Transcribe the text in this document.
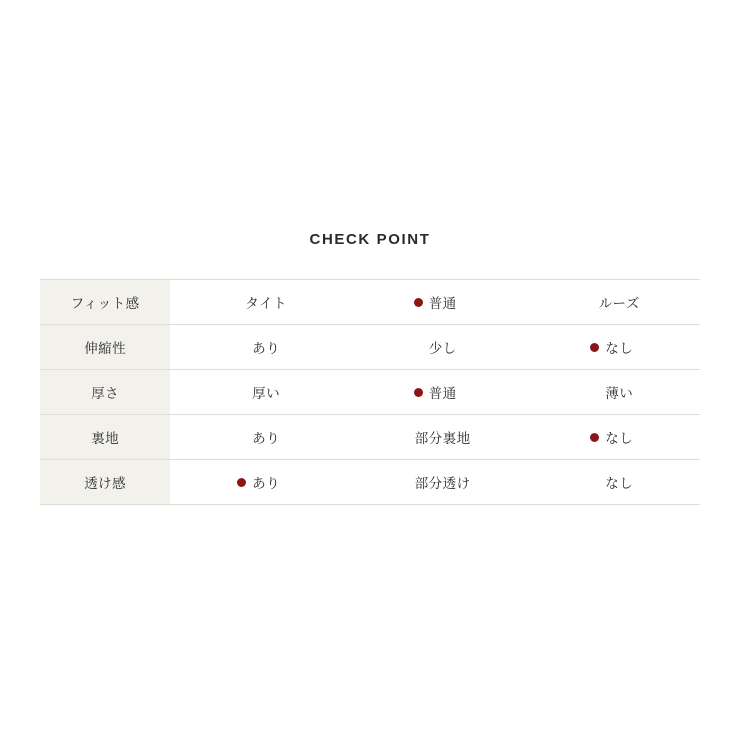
CHECK POINT
フィット感	タイト	普通	ルーズ

伸縮性	あり	少し	なし

厚さ	厚い	普通	薄い

裏地	あり	部分裏地	なし

透け感	あり	部分透け	なし
